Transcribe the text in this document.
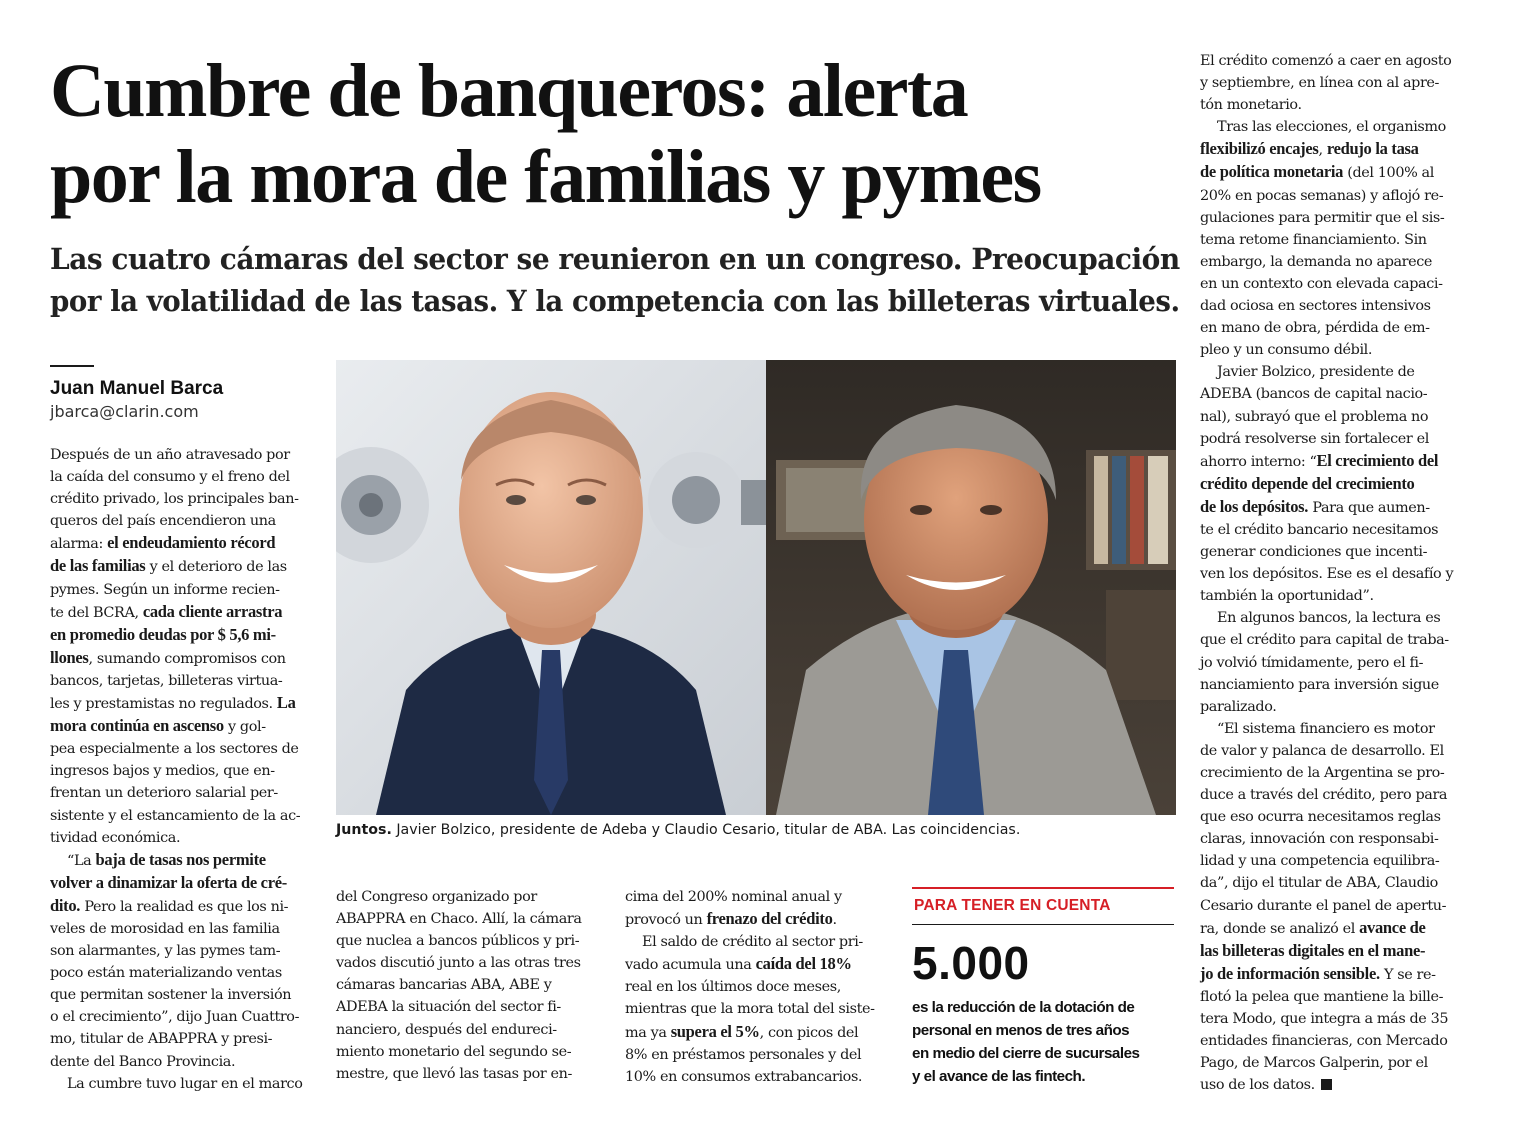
Cumbre de banqueros: alerta
por la mora de familias y pymes
Las cuatro cámaras del sector se reunieron en un congreso. Preocupación
por la volatilidad de las tasas. Y la competencia con las billeteras virtuales.
Juan Manuel Barca
jbarca@clarin.com
Después de un año atravesado por
la caída del consumo y el freno del
crédito privado, los principales ban-
queros del país encendieron una
alarma: el endeudamiento récord
de las familias y el deterioro de las
pymes. Según un informe recien-
te del BCRA, cada cliente arrastra
en promedio deudas por $ 5,6 mi-
llones, sumando compromisos con
bancos, tarjetas, billeteras virtua-
les y prestamistas no regulados. La
mora continúa en ascenso y gol-
pea especialmente a los sectores de
ingresos bajos y medios, que en-
frentan un deterioro salarial per-
sistente y el estancamiento de la ac-
tividad económica.
“La baja de tasas nos permite
volver a dinamizar la oferta de cré-
dito. Pero la realidad es que los ni-
veles de morosidad en las familia
son alarmantes, y las pymes tam-
poco están materializando ventas
que permitan sostener la inversión
o el crecimiento”, dijo Juan Cuattro-
mo, titular de ABAPPRA y presi-
dente del Banco Provincia.
La cumbre tuvo lugar en el marco
del Congreso organizado por
ABAPPRA en Chaco. Allí, la cámara
que nuclea a bancos públicos y pri-
vados discutió junto a las otras tres
cámaras bancarias ABA, ABE y
ADEBA la situación del sector fi-
nanciero, después del endureci-
miento monetario del segundo se-
mestre, que llevó las tasas por en-
cima del 200% nominal anual y
provocó un frenazo del crédito.
El saldo de crédito al sector pri-
vado acumula una caída del 18%
real en los últimos doce meses,
mientras que la mora total del siste-
ma ya supera el 5%, con picos del
8% en préstamos personales y del
10% en consumos extrabancarios.
El crédito comenzó a caer en agosto
y septiembre, en línea con al apre-
tón monetario.
Tras las elecciones, el organismo
flexibilizó encajes, redujo la tasa
de política monetaria (del 100% al
20% en pocas semanas) y aflojó re-
gulaciones para permitir que el sis-
tema retome financiamiento. Sin
embargo, la demanda no aparece
en un contexto con elevada capaci-
dad ociosa en sectores intensivos
en mano de obra, pérdida de em-
pleo y un consumo débil.
Javier Bolzico, presidente de
ADEBA (bancos de capital nacio-
nal), subrayó que el problema no
podrá resolverse sin fortalecer el
ahorro interno: “El crecimiento del
crédito depende del crecimiento
de los depósitos. Para que aumen-
te el crédito bancario necesitamos
generar condiciones que incenti-
ven los depósitos. Ese es el desafío y
también la oportunidad”.
En algunos bancos, la lectura es
que el crédito para capital de traba-
jo volvió tímidamente, pero el fi-
nanciamiento para inversión sigue
paralizado.
“El sistema financiero es motor
de valor y palanca de desarrollo. El
crecimiento de la Argentina se pro-
duce a través del crédito, pero para
que eso ocurra necesitamos reglas
claras, innovación con responsabi-
lidad y una competencia equilibra-
da”, dijo el titular de ABA, Claudio
Cesario durante el panel de apertu-
ra, donde se analizó el avance de
las billeteras digitales en el mane-
jo de información sensible. Y se re-
flotó la pelea que mantiene la bille-
tera Modo, que integra a más de 35
entidades financieras, con Mercado
Pago, de Marcos Galperin, por el
uso de los datos.
Juntos. Javier Bolzico, presidente de Adeba y Claudio Cesario, titular de ABA. Las coincidencias.
PARA TENER EN CUENTA
5.000
es la reducción de la dotación de
personal en menos de tres años
en medio del cierre de sucursales
y el avance de las fintech.
